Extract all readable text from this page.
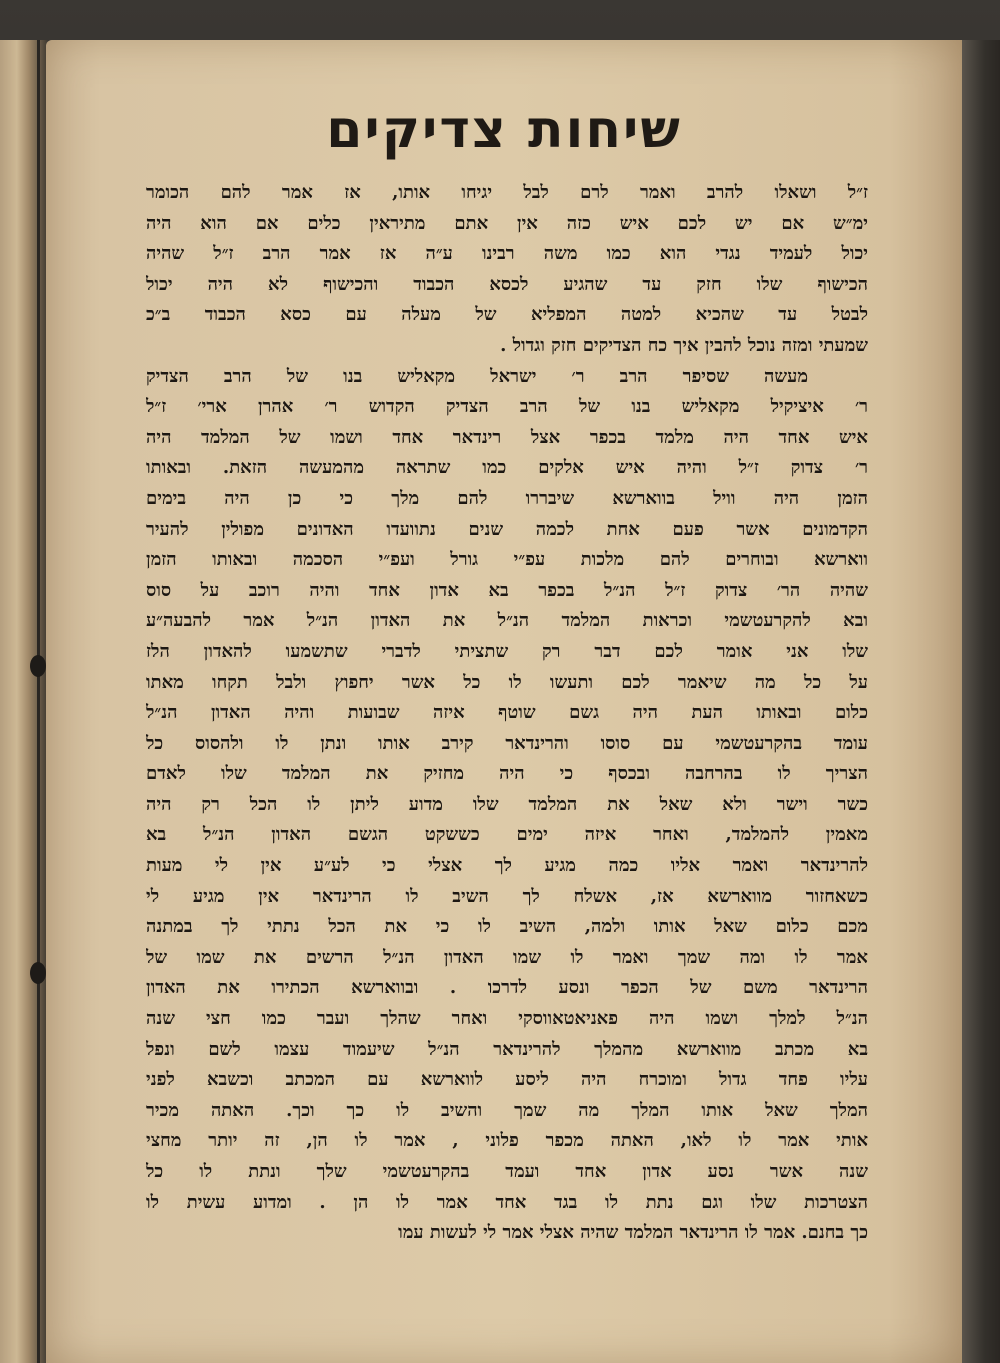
שיחות צדיקים
ז״ל ושאלו להרב ואמר לרם לבל יגיחו אותו, אז אמר להם הכומר
ימ״ש אם יש לכם איש כזה אין אתם מתיראין כלים אם הוא היה
יכול לעמיד נגדי הוא כמו משה רבינו ע״ה אז אמר הרב ז״ל שהיה
הכישוף שלו חזק עד שהגיע לכסא הכבוד והכישוף לא היה יכול
לבטל עד שהכיא למטה המפליא של מעלה עם כסא הכבוד ב״כ
שמעתי ומזה נוכל להבין איך כח הצדיקים חזק וגדול .
מעשה שסיפר הרב ר׳ ישראל מקאליש בנו של הרב הצדיק
ר׳ איציקיל מקאליש בנו של הרב הצדיק הקדוש ר׳ אהרן ארי׳ ז״ל
איש אחד היה מלמד בכפר אצל רינדאר אחד ושמו של המלמד היה
ר׳ צדוק ז״ל והיה איש אלקים כמו שתראה מהמעשה הזאת. ובאותו
הזמן היה וויל בווארשא שיבררו להם מלך כי כן היה בימים
הקדמונים אשר פעם אחת לכמה שנים נתוועדו האדונים מפולין להעיר
ווארשא ובוחרים להם מלכות עפ״י גורל ועפ״י הסכמה ובאותו הזמן
שהיה הר׳ צדוק ז״ל הנ״ל בכפר בא אדון אחד והיה רוכב על סוס
ובא להקרעטשמי וכראות המלמד הנ״ל את האדון הנ״ל אמר להבעה״ע
שלו אני אומר לכם דבר רק שתציתי לדברי שתשמעו להאדון הלז
על כל מה שיאמר לכם ותעשו לו כל אשר יחפוץ ולבל תקחו מאתו
כלום ובאותו העת היה גשם שוטף איזה שבועות והיה האדון הנ״ל
עומד בהקרעטשמי עם סוסו והרינדאר קירב אותו ונתן לו ולהסוס כל
הצריך לו בהרחבה ובכסף כי היה מחזיק את המלמד שלו לאדם
כשר וישר ולא שאל את המלמד שלו מדוע ליתן לו הכל רק היה
מאמין להמלמד, ואחר איזה ימים כששקט הגשם האדון הנ״ל בא
להרינדאר ואמר אליו כמה מגיע לך אצלי כי לע״ע אין לי מעות
כשאחזור מווארשא אז, אשלח לך השיב לו הרינדאר אין מגיע לי
מכם כלום שאל אותו ולמה, השיב לו כי את הכל נתתי לך במתנה
אמר לו ומה שמך ואמר לו שמו האדון הנ״ל הרשים את שמו של
הרינדאר משם של הכפר ונסע לדרכו . ובווארשא הכתירו את האדון
הנ״ל למלך ושמו היה פאניאטאווסקי ואחר שהלך ועבר כמו חצי שנה
בא מכתב מווארשא מהמלך להרינדאר הנ״ל שיעמוד עצמו לשם ונפל
עליו פחד גדול ומוכרח היה ליסע לווארשא עם המכתב וכשבא לפני
המלך שאל אותו המלך מה שמך והשיב לו כך וכך. האתה מכיר
אותי אמר לו לאו, האתה מכפר פלוני , אמר לו הן, זה יותר מחצי
שנה אשר נסע אדון אחד ועמד בהקרעטשמי שלך ונתת לו כל
הצטרכות שלו וגם נתת לו בגד אחד אמר לו הן . ומדוע עשית לו
כך בחנם. אמר לו הרינדאר המלמד שהיה אצלי אמר לי לעשות עמו
